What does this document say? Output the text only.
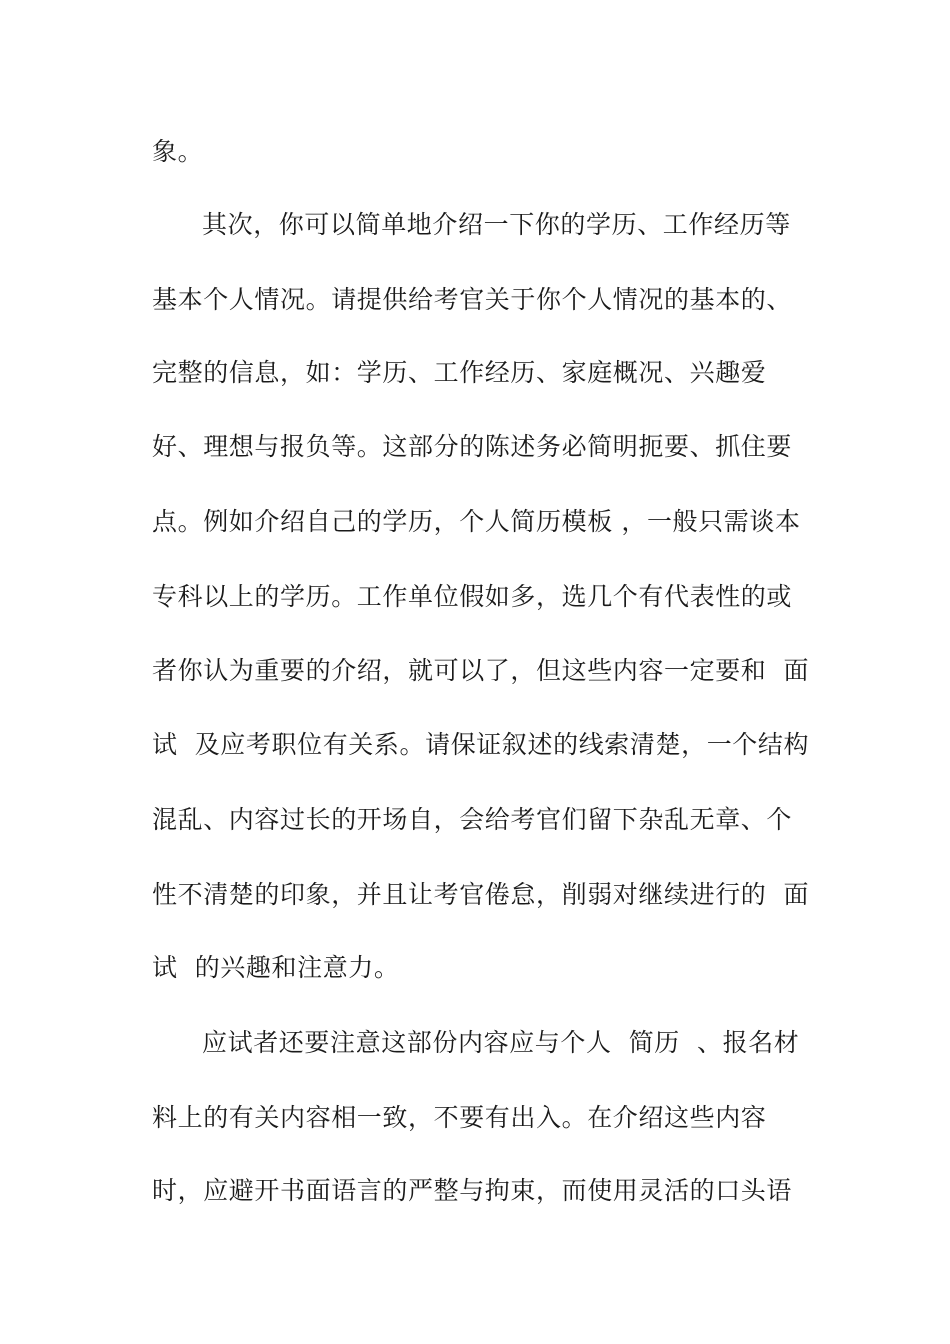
象。
其次，你可以简单地介绍一下你的学历、工作经历等
基本个人情况。请提供给考官关于你个人情况的基本的、
完整的信息，如：学历、工作经历、家庭概况、兴趣爱
好、理想与报负等。这部分的陈述务必简明扼要、抓住要
点。例如介绍自己的学历，个人简历模板 ，一般只需谈本
专科以上的学历。工作单位假如多，选几个有代表性的或
者你认为重要的介绍，就可以了，但这些内容一定要和  面
试  及应考职位有关系。请保证叙述的线索清楚，一个结构
混乱、内容过长的开场自，会给考官们留下杂乱无章、个
性不清楚的印象，并且让考官倦怠，削弱对继续进行的  面
试  的兴趣和注意力。
应试者还要注意这部份内容应与个人  简历  、报名材
料上的有关内容相一致，不要有出入。在介绍这些内容
时，应避开书面语言的严整与拘束，而使用灵活的口头语
